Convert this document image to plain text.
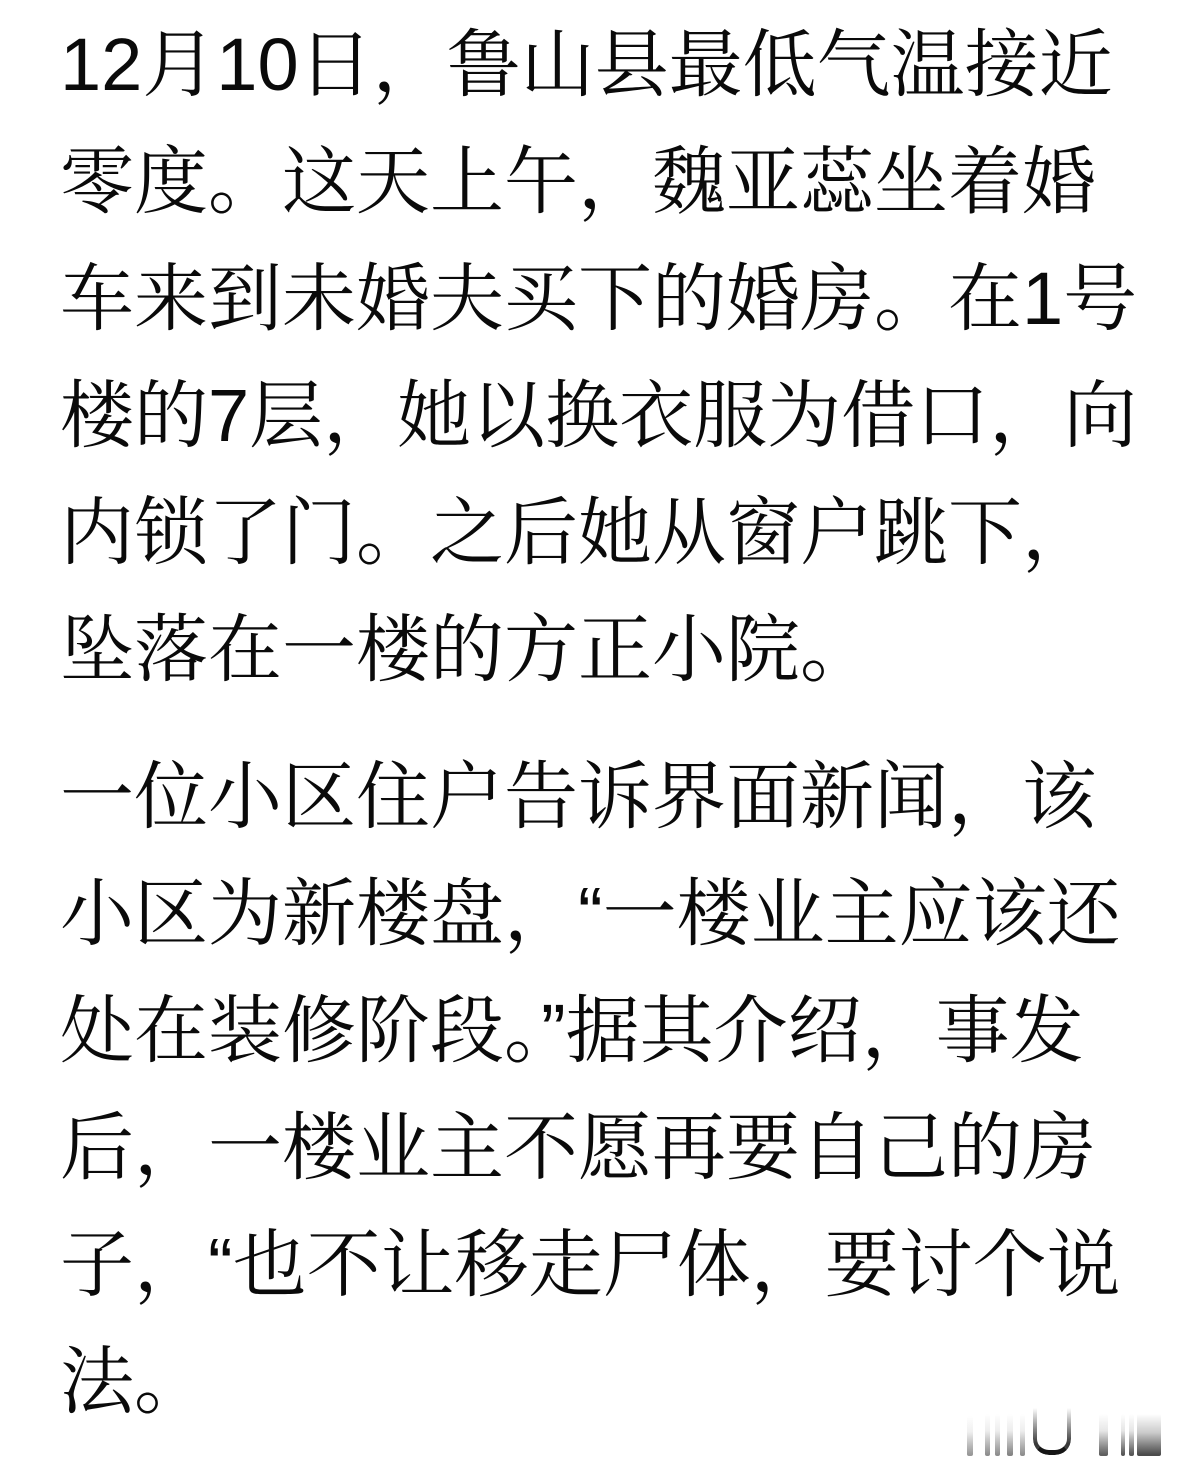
12月10日，鲁山县最低气温接近
零度。这天上午，魏亚蕊坐着婚
车来到未婚夫买下的婚房。在1号
楼的7层，她以换衣服为借口，向
内锁了门。之后她从窗户跳下，
坠落在一楼的方正小院。
一位小区住户告诉界面新闻，该
小区为新楼盘，“一楼业主应该还
处在装修阶段。”据其介绍，事发
后，一楼业主不愿再要自己的房
子，“也不让移走尸体，要讨个说
法。
